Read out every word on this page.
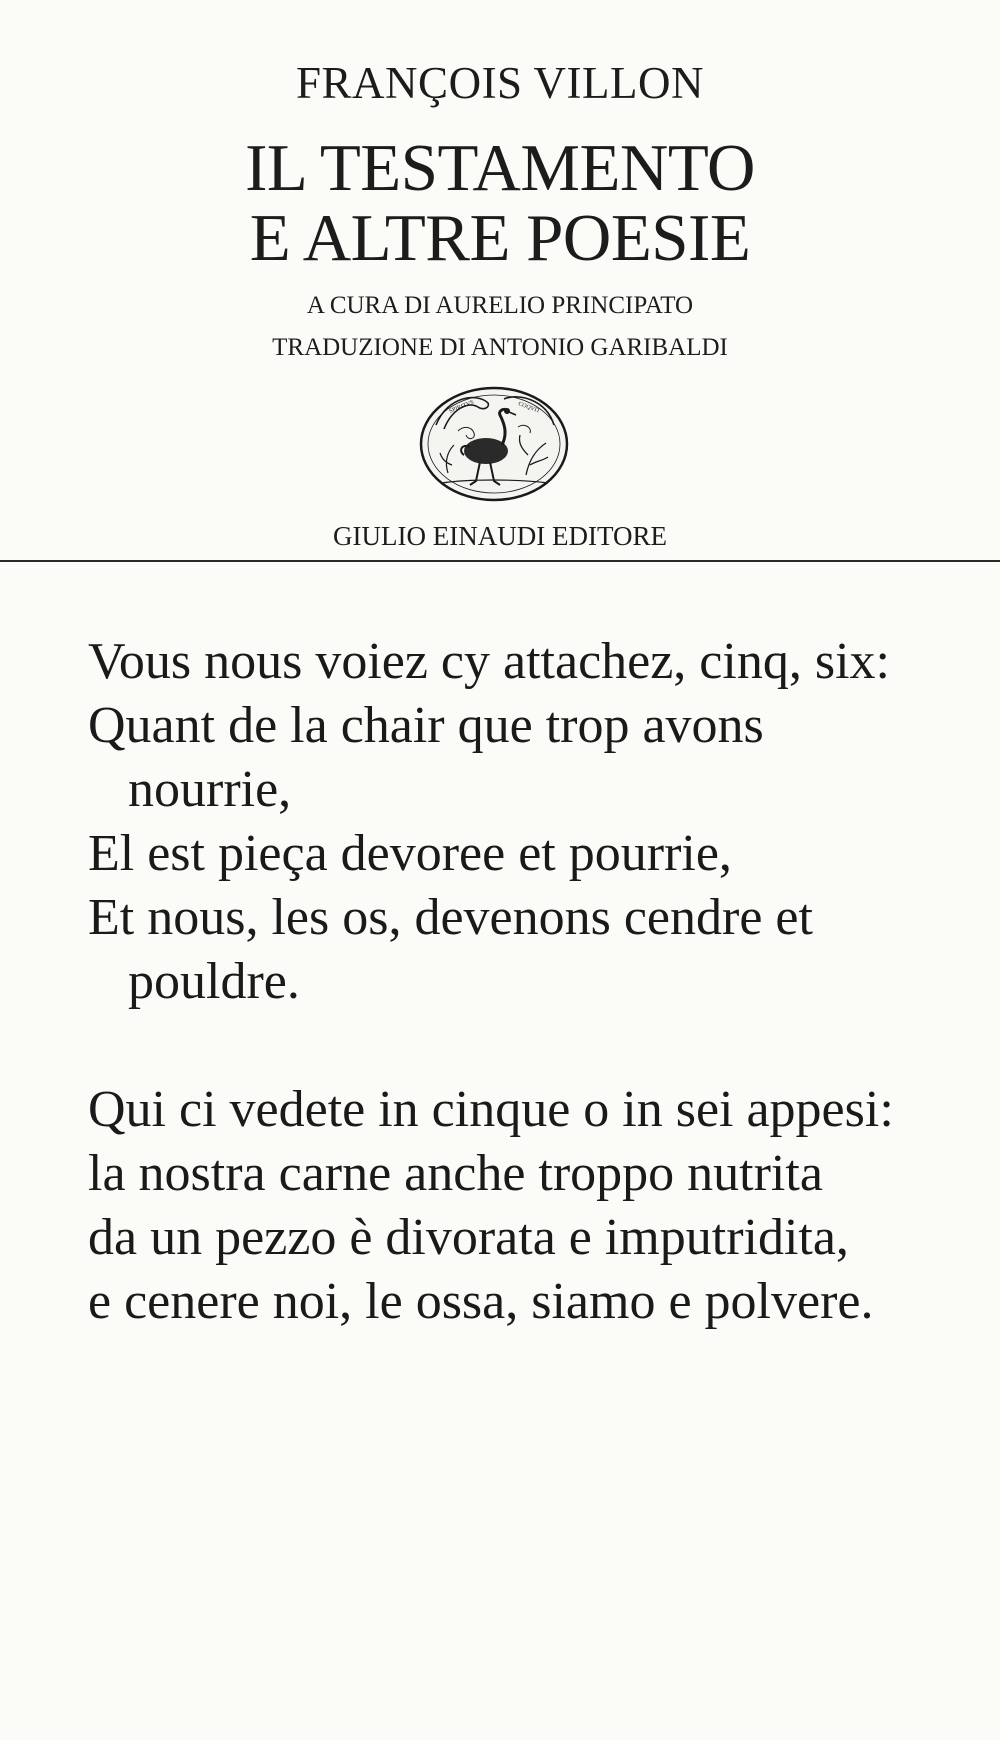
FRANÇOIS VILLON
IL TESTAMENTO
E ALTRE POESIE
A CURA DI AURELIO PRINCIPATO
TRADUZIONE DI ANTONIO GARIBALDI
SPIRITVS	COQVIT
GIULIO EINAUDI EDITORE

Vous nous voiez cy attachez, cinq, six:
Quant de la chair que trop avons
nourrie,
El est pieça devoree et pourrie,
Et nous, les os, devenons cendre et
pouldre.

Qui ci vedete in cinque o in sei appesi:
la nostra carne anche troppo nutrita
da un pezzo è divorata e imputridita,
e cenere noi, le ossa, siamo e polvere.
